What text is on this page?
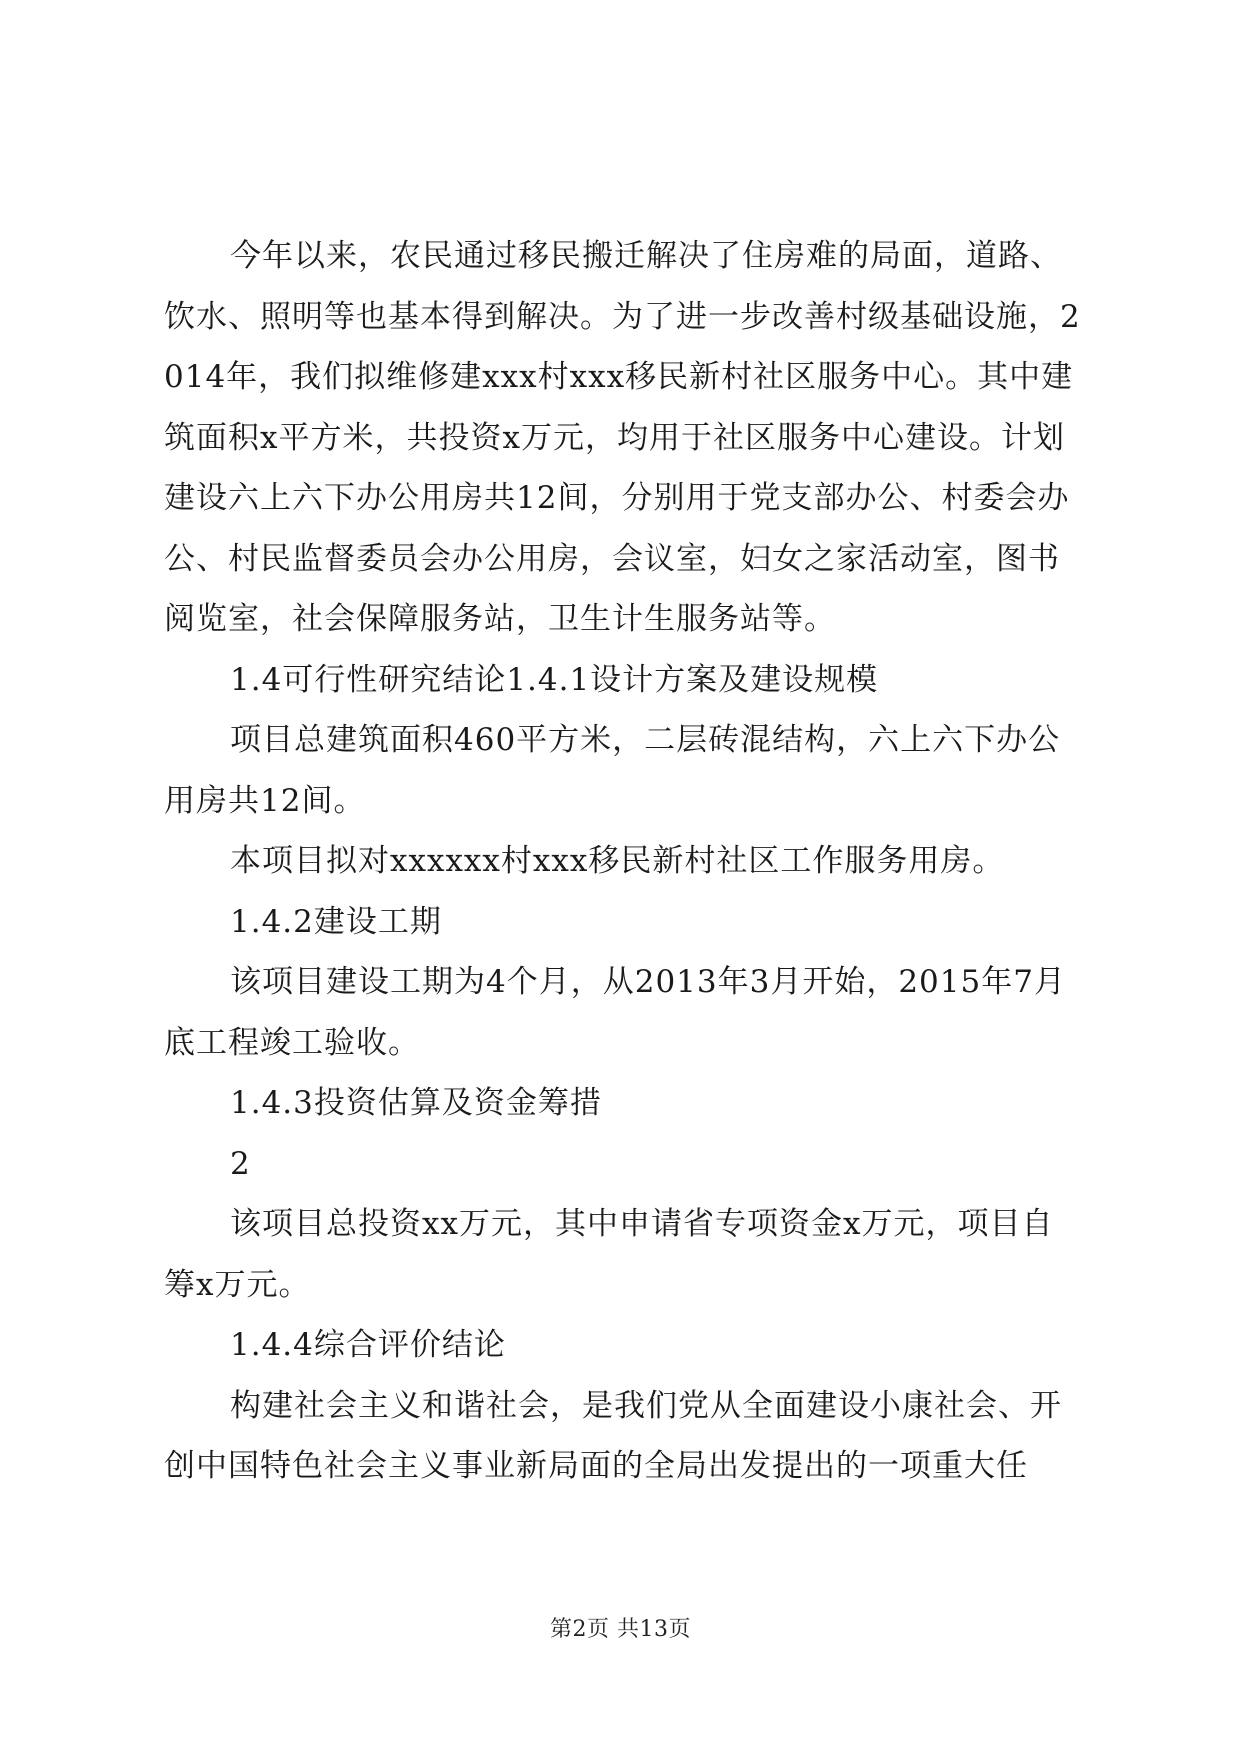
今年以来，农民通过移民搬迁解决了住房难的局面，道路、饮水、照明等也基本得到解决。为了进一步改善村级基础设施，2014年，我们拟维修建xxx村xxx移民新村社区服务中心。其中建筑面积x平方米，共投资x万元，均用于社区服务中心建设。计划建设六上六下办公用房共12间，分别用于党支部办公、村委会办公、村民监督委员会办公用房，会议室，妇女之家活动室，图书阅览室，社会保障服务站，卫生计生服务站等。

1.4可行性研究结论1.4.1设计方案及建设规模

项目总建筑面积460平方米，二层砖混结构，六上六下办公用房共12间。

本项目拟对xxxxxx村xxx移民新村社区工作服务用房。

1.4.2建设工期

该项目建设工期为4个月，从2013年3月开始，2015年7月底工程竣工验收。

1.4.3投资估算及资金筹措

2

该项目总投资xx万元，其中申请省专项资金x万元，项目自筹x万元。

1.4.4综合评价结论

构建社会主义和谐社会，是我们党从全面建设小康社会、开创中国特色社会主义事业新局面的全局出发提出的一项重大任

第2页 共13页
